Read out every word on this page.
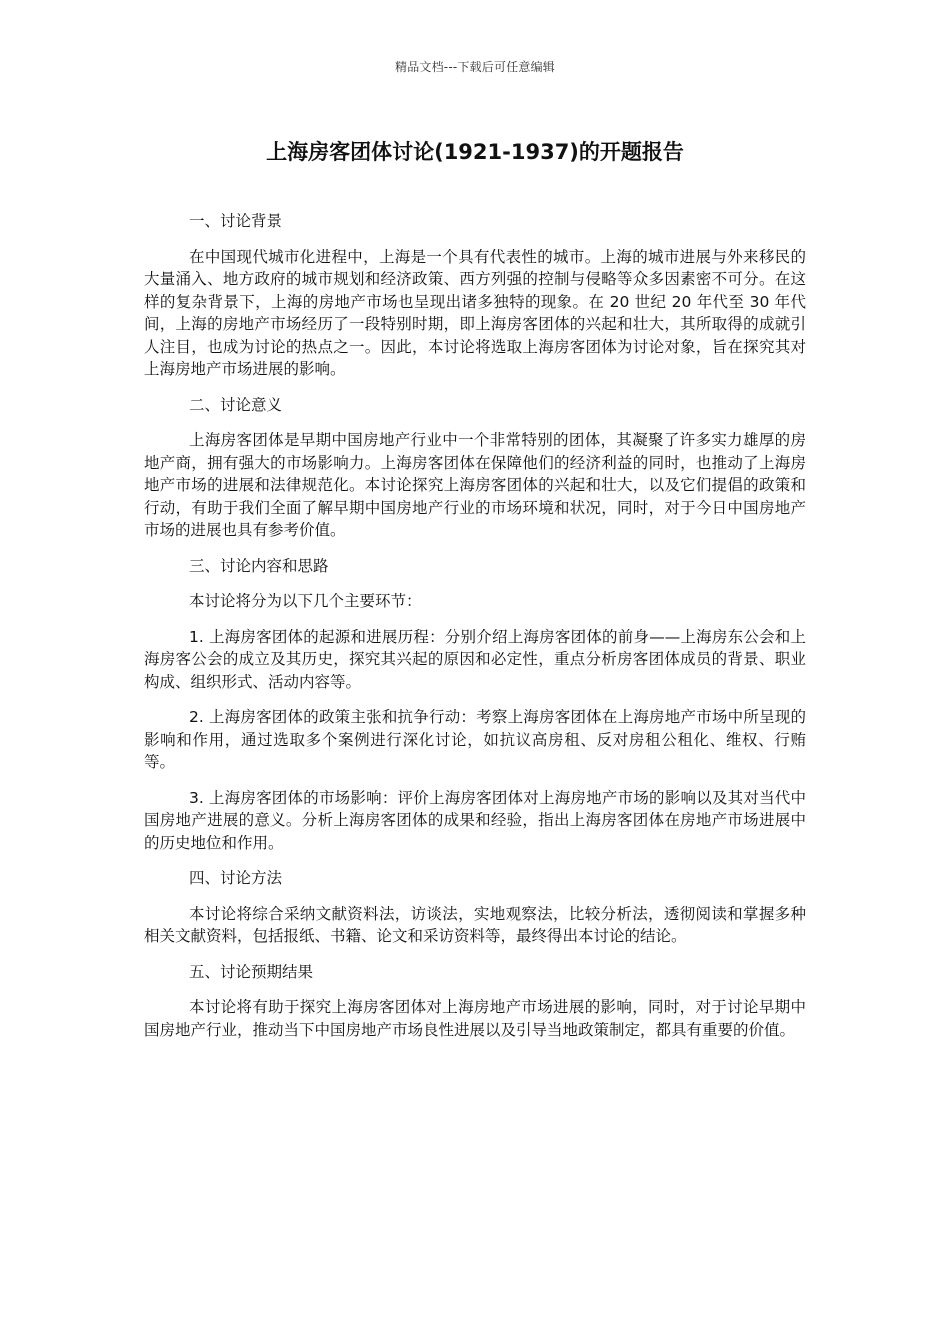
精品文档---下载后可任意编辑
上海房客团体讨论(1921-1937)的开题报告

一、讨论背景

在中国现代城市化进程中，上海是一个具有代表性的城市。上海的城市进展与外来移民的大量涌入、地方政府的城市规划和经济政策、西方列强的控制与侵略等众多因素密不可分。在这样的复杂背景下，上海的房地产市场也呈现出诸多独特的现象。在 20 世纪 20 年代至 30 年代间，上海的房地产市场经历了一段特别时期，即上海房客团体的兴起和壮大，其所取得的成就引人注目，也成为讨论的热点之一。因此，本讨论将选取上海房客团体为讨论对象，旨在探究其对上海房地产市场进展的影响。

二、讨论意义

上海房客团体是早期中国房地产行业中一个非常特别的团体，其凝聚了许多实力雄厚的房地产商，拥有强大的市场影响力。上海房客团体在保障他们的经济利益的同时，也推动了上海房地产市场的进展和法律规范化。本讨论探究上海房客团体的兴起和壮大，以及它们提倡的政策和行动，有助于我们全面了解早期中国房地产行业的市场环境和状况，同时，对于今日中国房地产市场的进展也具有参考价值。

三、讨论内容和思路

本讨论将分为以下几个主要环节：

1. 上海房客团体的起源和进展历程：分别介绍上海房客团体的前身——上海房东公会和上海房客公会的成立及其历史，探究其兴起的原因和必定性，重点分析房客团体成员的背景、职业构成、组织形式、活动内容等。

2. 上海房客团体的政策主张和抗争行动：考察上海房客团体在上海房地产市场中所呈现的影响和作用，通过选取多个案例进行深化讨论，如抗议高房租、反对房租公租化、维权、行贿等。

3. 上海房客团体的市场影响：评价上海房客团体对上海房地产市场的影响以及其对当代中国房地产进展的意义。分析上海房客团体的成果和经验，指出上海房客团体在房地产市场进展中的历史地位和作用。

四、讨论方法

本讨论将综合采纳文献资料法，访谈法，实地观察法，比较分析法，透彻阅读和掌握多种相关文献资料，包括报纸、书籍、论文和采访资料等，最终得出本讨论的结论。

五、讨论预期结果

本讨论将有助于探究上海房客团体对上海房地产市场进展的影响，同时，对于讨论早期中国房地产行业，推动当下中国房地产市场良性进展以及引导当地政策制定，都具有重要的价值。
